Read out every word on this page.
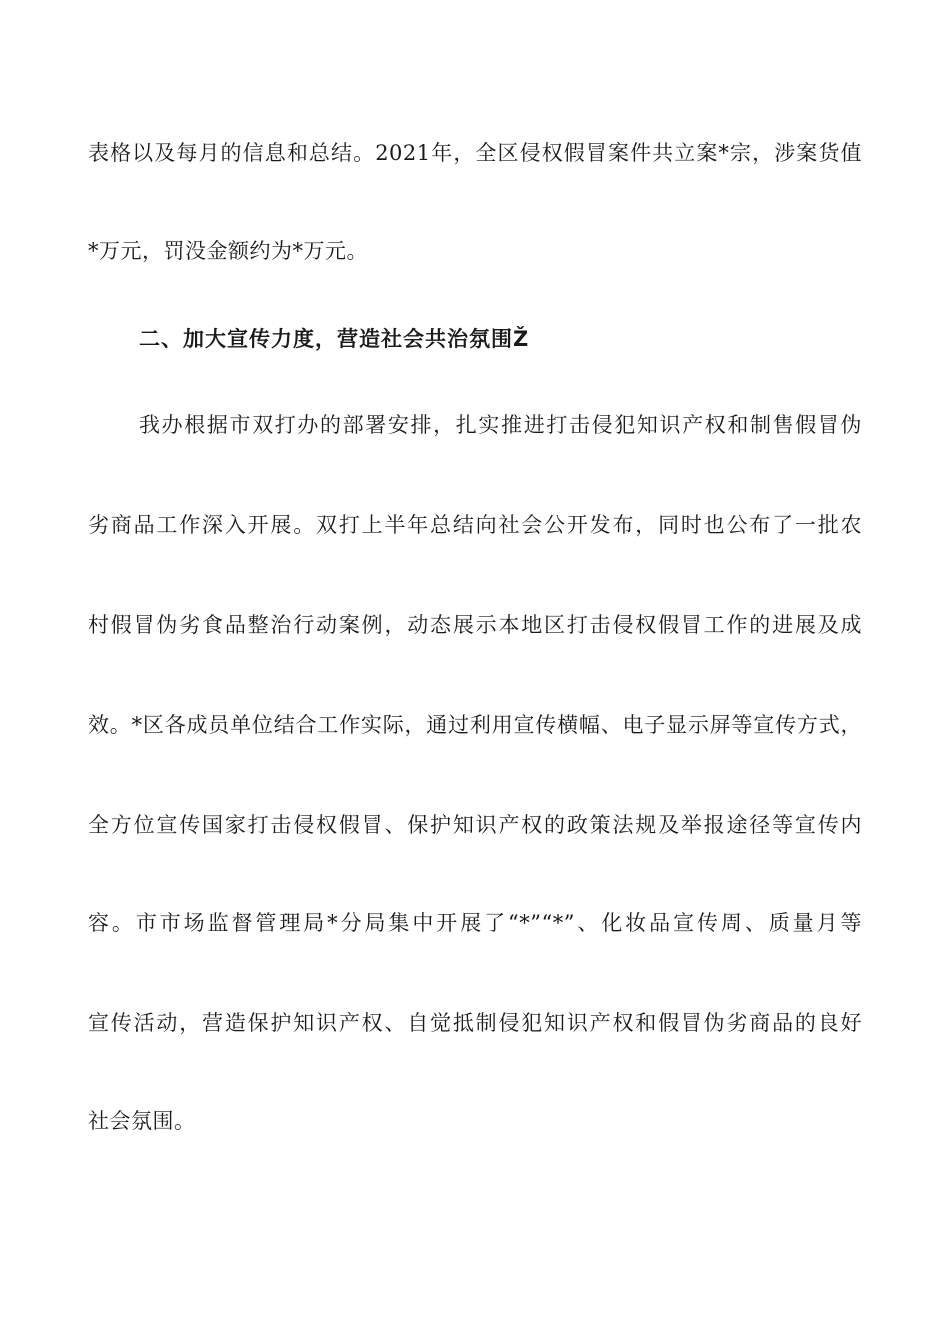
表格以及每月的信息和总结。2021年，全区侵权假冒案件共立案*宗，涉案货值
*万元，罚没金额约为*万元。
二、加大宣传力度，营造社会共治氛围Ž
我办根据市双打办的部署安排，扎实推进打击侵犯知识产权和制售假冒伪
劣商品工作深入开展。双打上半年总结向社会公开发布，同时也公布了一批农
村假冒伪劣食品整治行动案例，动态展示本地区打击侵权假冒工作的进展及成
效。*区各成员单位结合工作实际，通过利用宣传横幅、电子显示屏等宣传方式，
全方位宣传国家打击侵权假冒、保护知识产权的政策法规及举报途径等宣传内
容。市市场监督管理局*分局集中开展了“*”“*”、化妆品宣传周、质量月等
宣传活动，营造保护知识产权、自觉抵制侵犯知识产权和假冒伪劣商品的良好
社会氛围。
